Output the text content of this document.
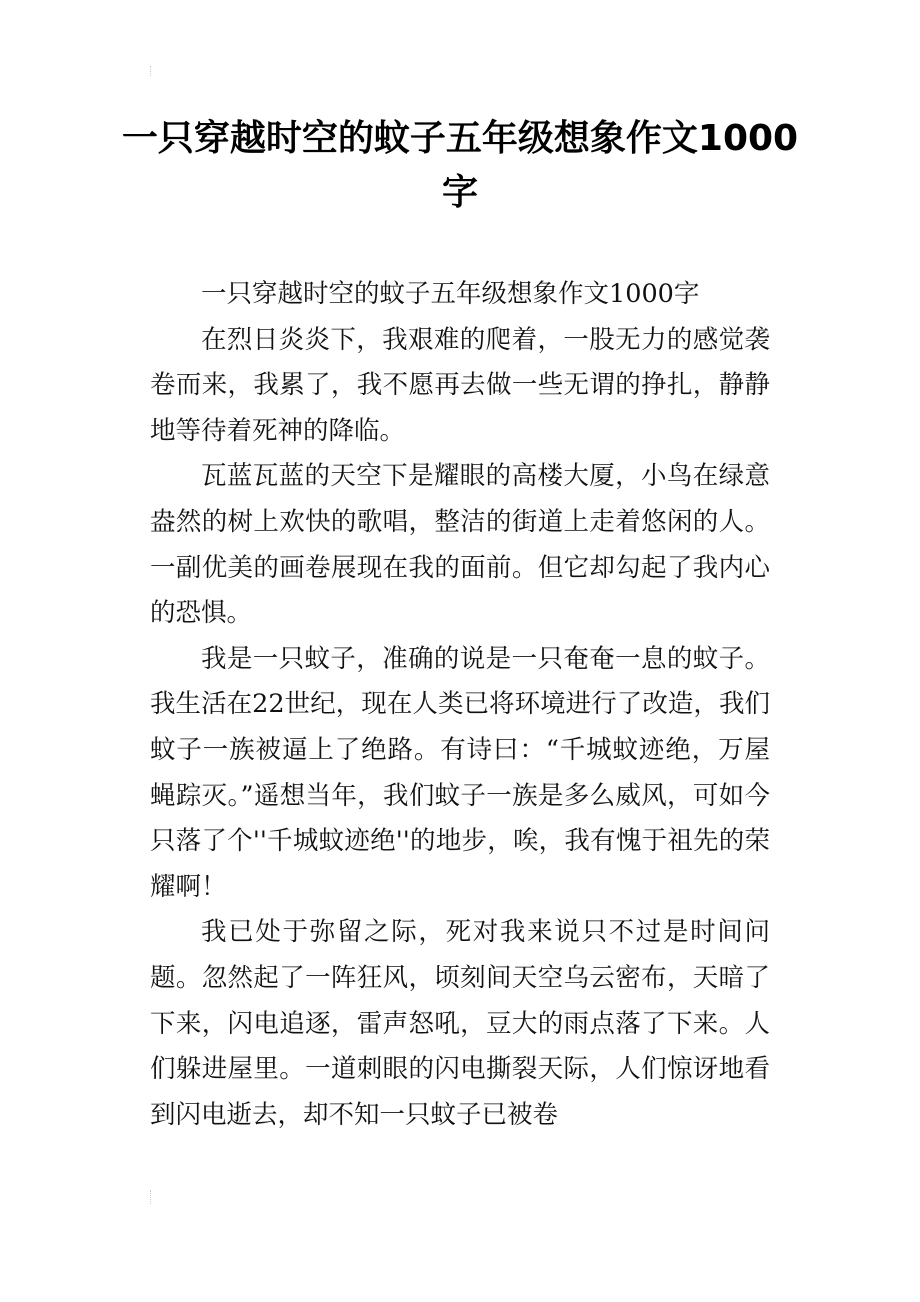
一只穿越时空的蚊子五年级想象作文1000字

一只穿越时空的蚊子五年级想象作文1000字

在烈日炎炎下，我艰难的爬着，一股无力的感觉袭卷而来，我累了，我不愿再去做一些无谓的挣扎，静静地等待着死神的降临。

瓦蓝瓦蓝的天空下是耀眼的高楼大厦，小鸟在绿意盎然的树上欢快的歌唱，整洁的街道上走着悠闲的人。一副优美的画卷展现在我的面前。但它却勾起了我内心的恐惧。

我是一只蚊子，准确的说是一只奄奄一息的蚊子。我生活在22世纪，现在人类已将环境进行了改造，我们蚊子一族被逼上了绝路。有诗曰：“千城蚊迹绝，万屋蝇踪灭。”遥想当年，我们蚊子一族是多么威风，可如今只落了个''千城蚊迹绝''的地步，唉，我有愧于祖先的荣耀啊！

我已处于弥留之际，死对我来说只不过是时间问题。忽然起了一阵狂风，顷刻间天空乌云密布，天暗了下来，闪电追逐，雷声怒吼，豆大的雨点落了下来。人们躲进屋里。一道刺眼的闪电撕裂天际，人们惊讶地看到闪电逝去，却不知一只蚊子已被卷
